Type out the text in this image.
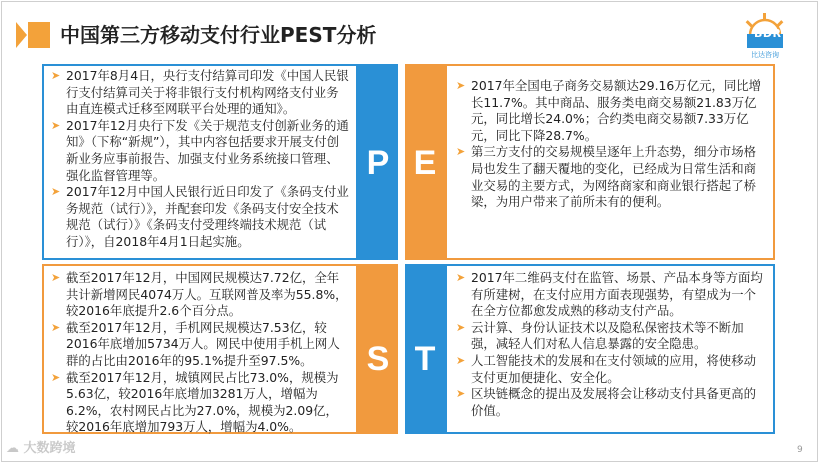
中国第三方移动支付行业PEST分析	BDR
比达咨询
➤ 2017年8月4日，央行支付结算司印发《中国人民银行支付结算司关于将非银行支付机构网络支付业务由直连模式迁移至网联平台处理的通知》。
➤ 2017年12月央行下发《关于规范支付创新业务的通知》（下称“新规”），其中内容包括要求开展支付创新业务应事前报告、加强支付业务系统接口管理、强化监督管理等。
➤ 2017年12月中国人民银行近日印发了《条码支付业务规范（试行）》，并配套印发《条码支付安全技术规范（试行）》《条码支付受理终端技术规范（试行）》，自2018年4月1日起实施。
P
➤ 2017年全国电子商务交易额达29.16万亿元，同比增长11.7%。其中商品、服务类电商交易额21.83万亿元，同比增长24.0%；合约类电商交易额7.33万亿元，同比下降28.7%。
➤ 第三方支付的交易规模呈逐年上升态势，细分市场格局也发生了翻天覆地的变化，已经成为日常生活和商业交易的主要方式，为网络商家和商业银行搭起了桥梁，为用户带来了前所未有的便利。
E
➤ 截至2017年12月，中国网民规模达7.72亿，全年共计新增网民4074万人。互联网普及率为55.8%，较2016年底提升2.6个百分点。
➤ 截至2017年12月，手机网民规模达7.53亿，较2016年底增加5734万人。网民中使用手机上网人群的占比由2016年的95.1%提升至97.5%。
➤ 截至2017年12月，城镇网民占比73.0%，规模为5.63亿，较2016年底增加3281万人，增幅为6.2%，农村网民占比为27.0%，规模为2.09亿，较2016年底增加793万人，增幅为4.0%。
S
➤ 2017年二维码支付在监管、场景、产品本身等方面均有所建树，在支付应用方面表现强势，有望成为一个在全方位都愈发成熟的移动支付产品。
➤ 云计算、身份认证技术以及隐私保密技术等不断加强，减轻人们对私人信息暴露的安全隐患。
➤ 人工智能技术的发展和在支付领域的应用，将使移动支付更加便捷化、安全化。
➤ 区块链概念的提出及发展将会让移动支付具备更高的价值。
T
☁ 大数跨境	9
